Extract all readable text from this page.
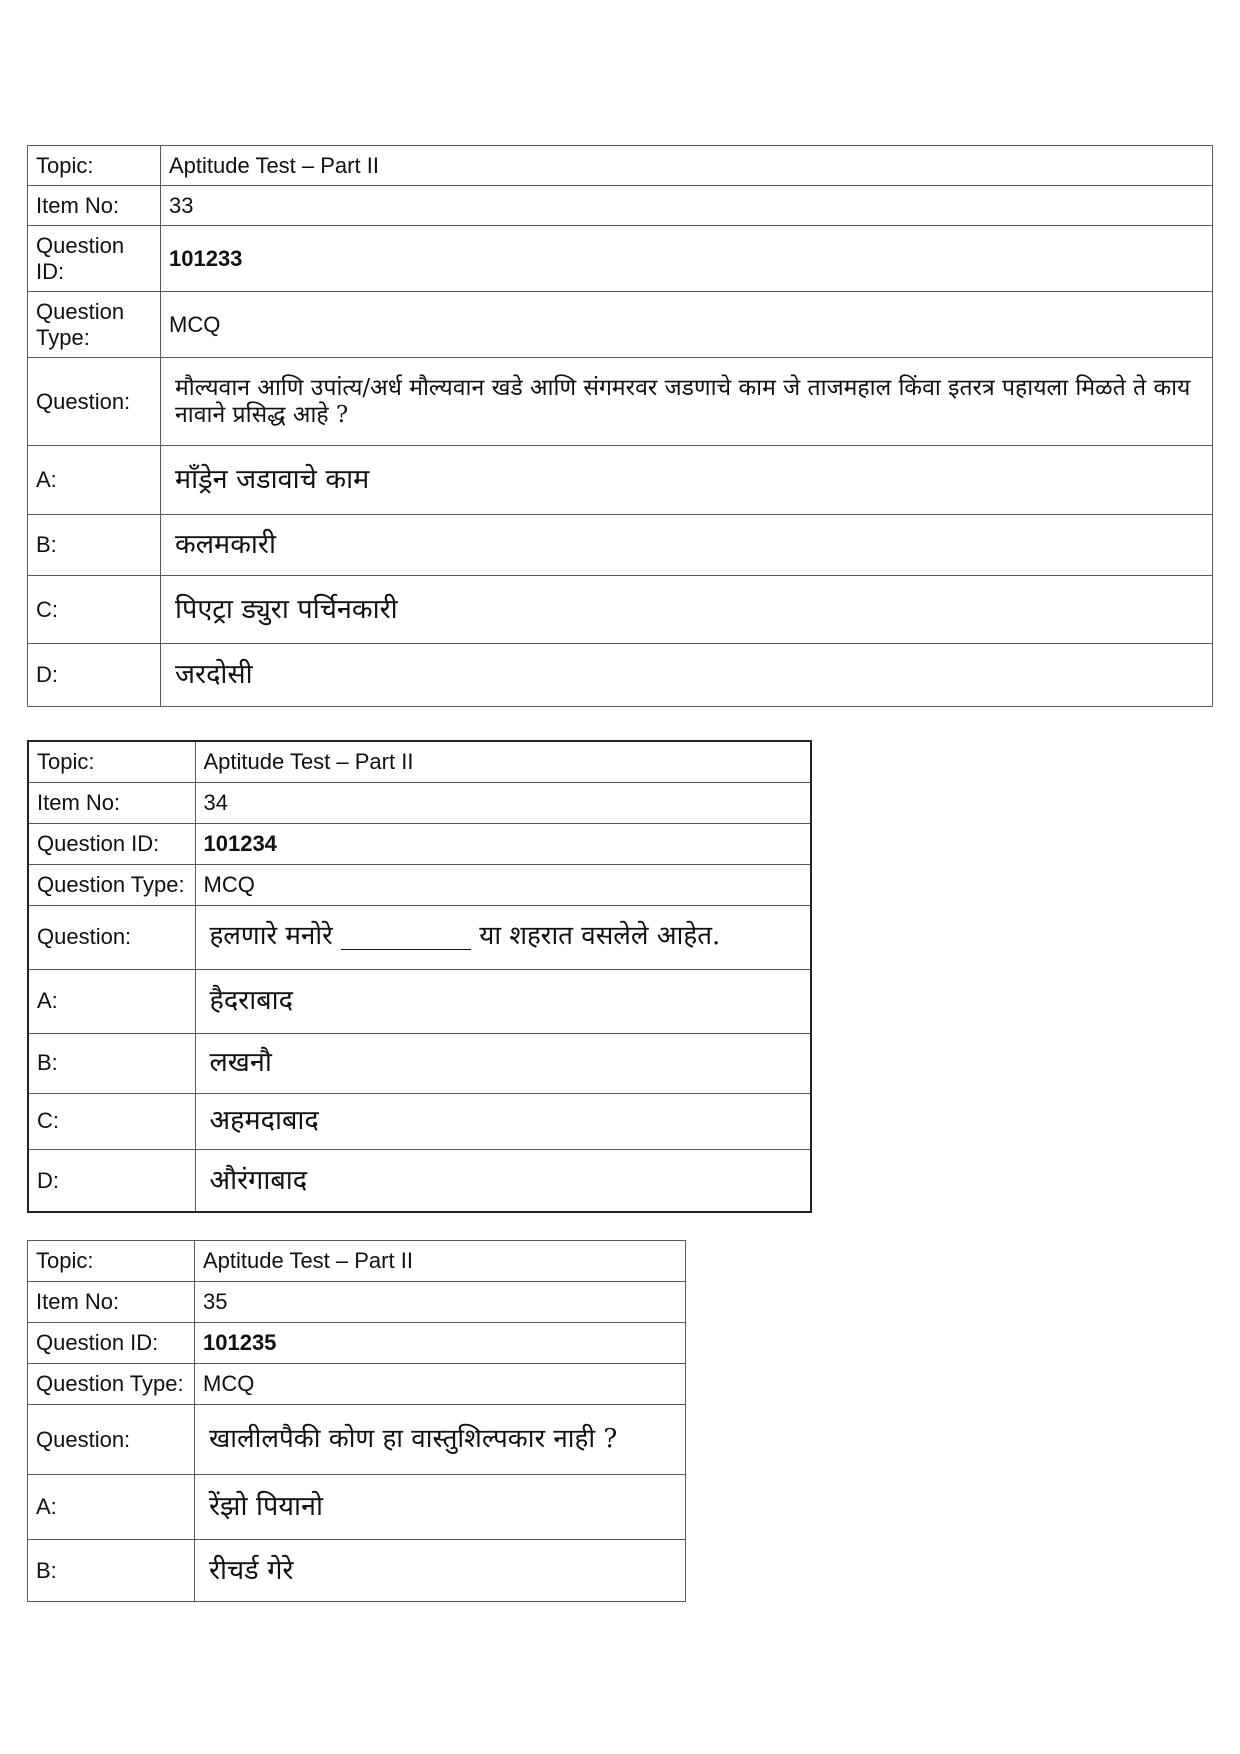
Topic:	Aptitude Test – Part II
Item No:	33
Question ID:	101233
Question Type:	MCQ
Question:	मौल्यवान आणि उपांत्य/अर्ध मौल्यवान खडे आणि संगमरवर जडणाचे काम जे ताजमहाल किंवा इतरत्र पहायला मिळते ते काय नावाने प्रसिद्ध आहे ?
A:	मॉंड्रेन जडावाचे काम
B:	कलमकारी
C:	पिएट्रा ड्युरा पर्चिनकारी
D:	जरदोसी
Topic:	Aptitude Test – Part II
Item No:	34
Question ID:	101234
Question Type:	MCQ
Question:	हलणारे मनोरे __________ या शहरात वसलेले आहेत.
A:	हैदराबाद
B:	लखनौ
C:	अहमदाबाद
D:	औरंगाबाद
Topic:	Aptitude Test – Part II
Item No:	35
Question ID:	101235
Question Type:	MCQ
Question:	खालीलपैकी कोण हा वास्तुशिल्पकार नाही ?
A:	रेंझो पियानो
B:	रीचर्ड गेरे
